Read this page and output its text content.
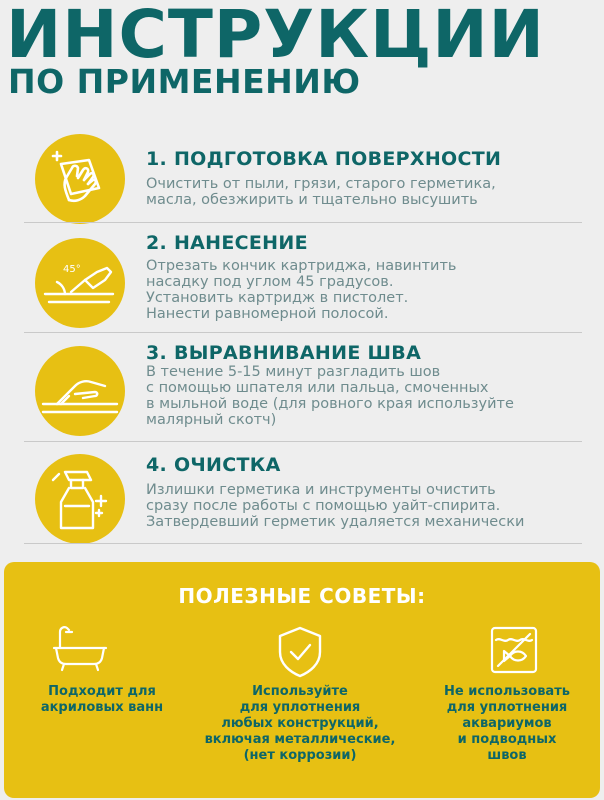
ИНСТРУКЦИИ
ПО ПРИМЕНЕНИЮ
1. ПОДГОТОВКА ПОВЕРХНОСТИ
Очистить от пыли, грязи, старого герметика,
масла, обезжирить и тщательно высушить
45°
2. НАНЕСЕНИЕ
Отрезать кончик картриджа, навинтить
насадку под углом 45 градусов.
Установить картридж в пистолет.
Нанести равномерной полосой.
3. ВЫРАВНИВАНИЕ ШВА
В течение 5-15 минут разгладить шов
с помощью шпателя или пальца, смоченных
в мыльной воде (для ровного края используйте
малярный скотч)
4. ОЧИСТКА
Излишки герметика и инструменты очистить
сразу после работы с помощью уайт-спирита.
Затвердевший герметик удаляется механически
ПОЛЕЗНЫЕ СОВЕТЫ:
Подходит для
акриловых ванн
Используйте
для уплотнения
любых конструкций,
включая металлические,
(нет коррозии)
Не использовать
для уплотнения
аквариумов
и подводных
швов
